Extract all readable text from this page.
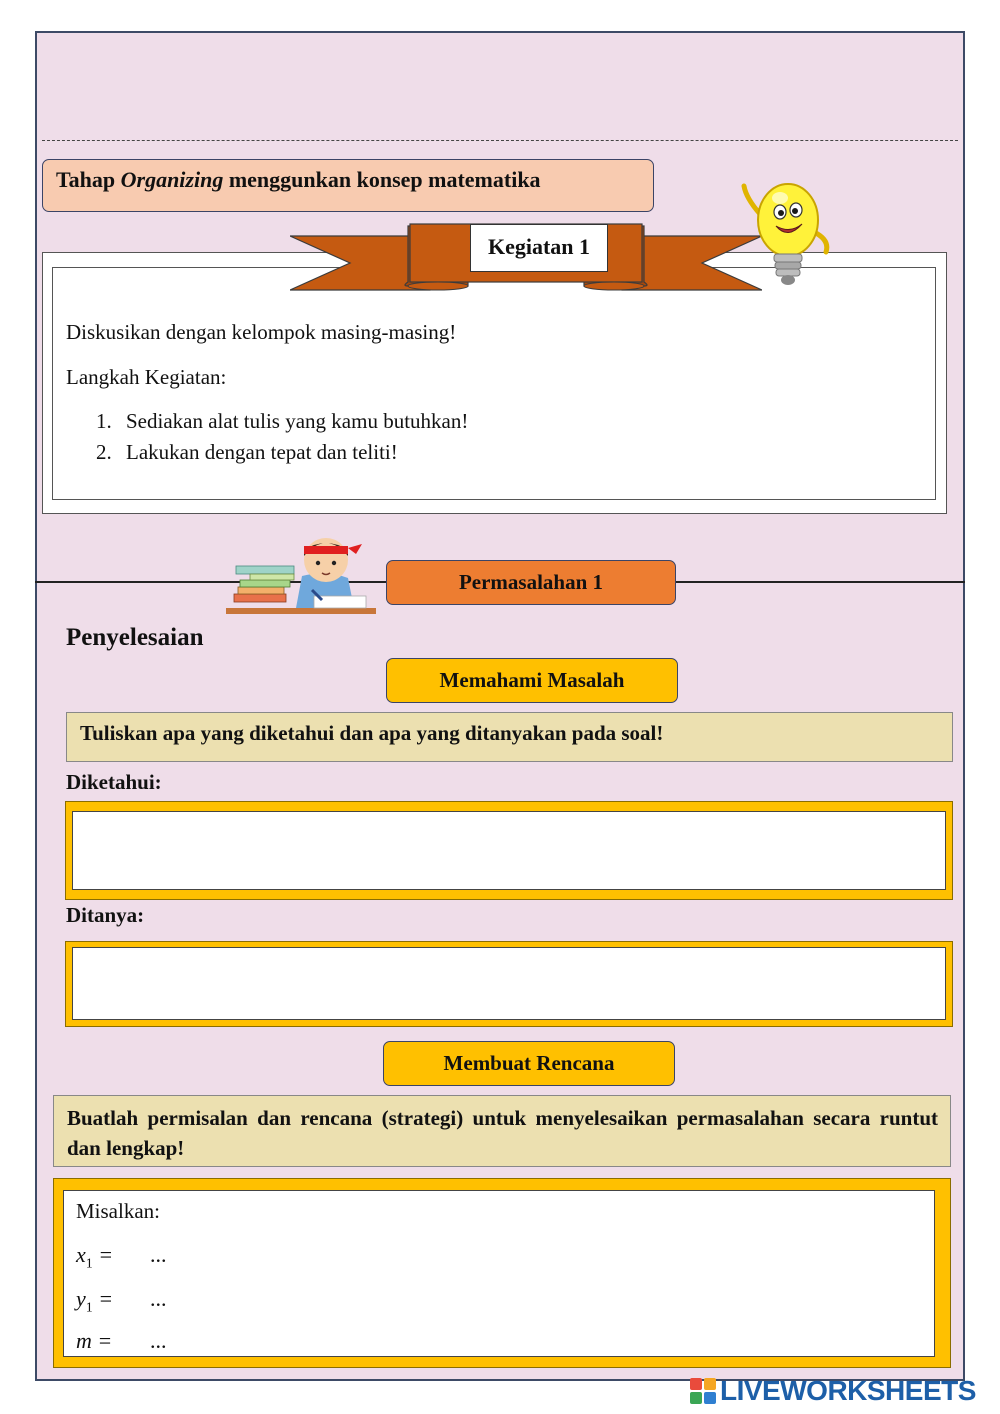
Tahap Organizing menggunkan konsep matematika
Kegiatan 1
Diskusikan dengan kelompok masing-masing!
Langkah Kegiatan:
1. Sediakan alat tulis yang kamu butuhkan!
2. Lakukan dengan tepat dan teliti!
Permasalahan 1
Penyelesaian
Memahami Masalah
Tuliskan apa yang diketahui dan apa yang ditanyakan pada soal!
Diketahui:
Ditanya:
Membuat Rencana
Buatlah permisalan dan rencana (strategi) untuk menyelesaikan permasalahan secara runtut dan lengkap!
Misalkan:
$x_1$ = ...
$y_1$ = ...
m = ...
LIVEWORKSHEETS
